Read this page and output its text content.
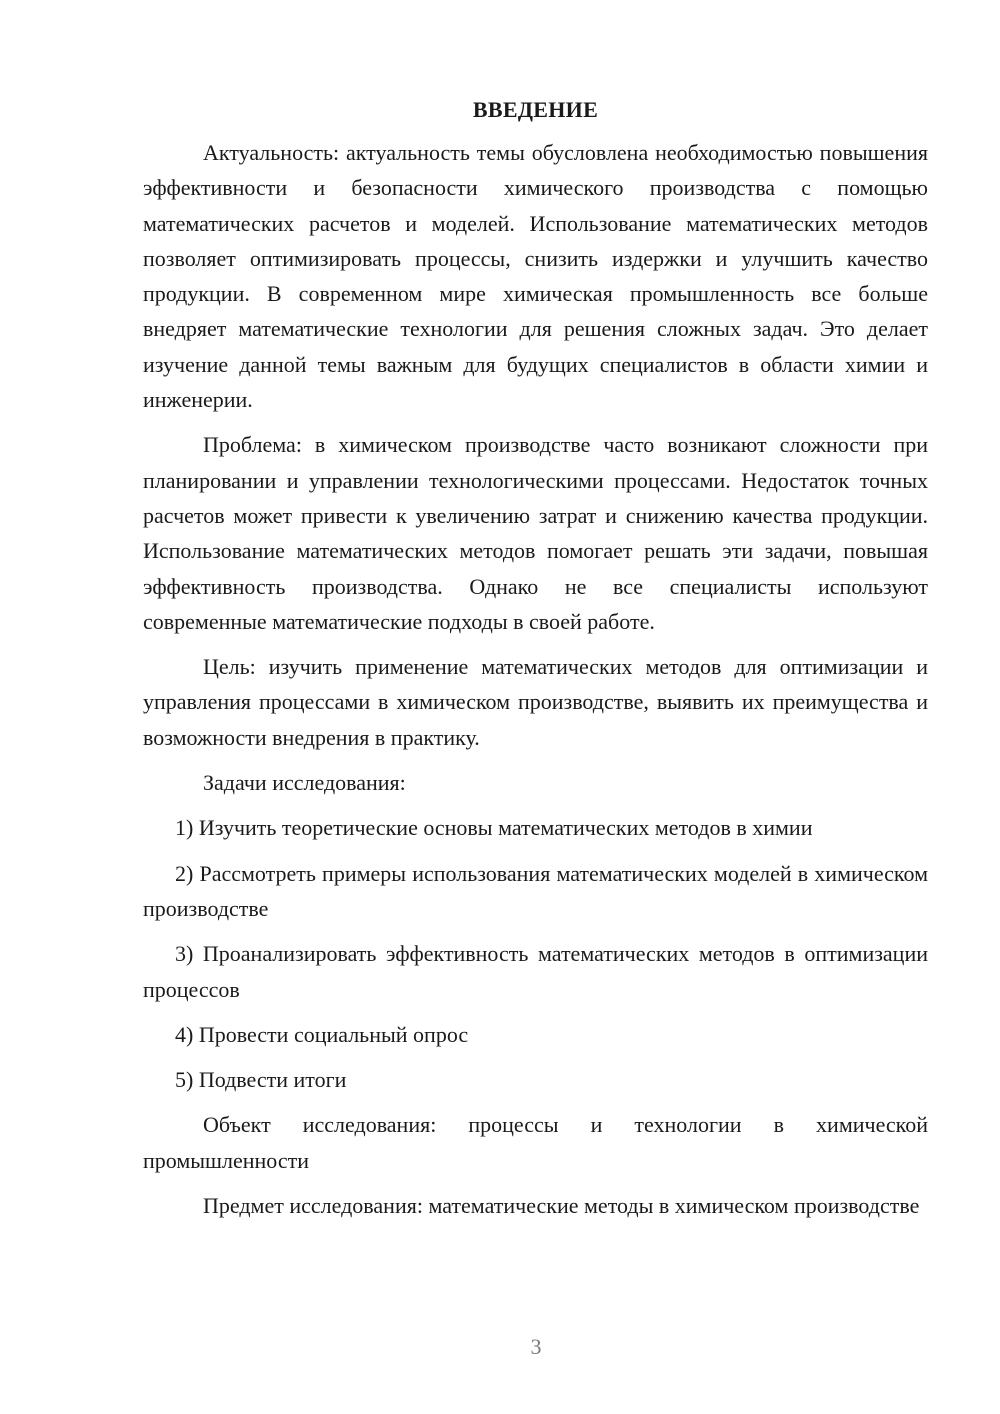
ВВЕДЕНИЕ

Актуальность: актуальность темы обусловлена необходимостью повышения эффективности и безопасности химического производства с помощью математических расчетов и моделей. Использование математических методов позволяет оптимизировать процессы, снизить издержки и улучшить качество продукции. В современном мире химическая промышленность все больше внедряет математические технологии для решения сложных задач. Это делает изучение данной темы важным для будущих специалистов в области химии и инженерии.

Проблема: в химическом производстве часто возникают сложности при планировании и управлении технологическими процессами. Недостаток точных расчетов может привести к увеличению затрат и снижению качества продукции. Использование математических методов помогает решать эти задачи, повышая эффективность производства. Однако не все специалисты используют современные математические подходы в своей работе.

Цель: изучить применение математических методов для оптимизации и управления процессами в химическом производстве, выявить их преимущества и возможности внедрения в практику.

Задачи исследования:

1) Изучить теоретические основы математических методов в химии

2) Рассмотреть примеры использования математических моделей в химическом производстве

3) Проанализировать эффективность математических методов в оптимизации процессов

4) Провести социальный опрос

5) Подвести итоги

Объект исследования: процессы и технологии в химической промышленности

Предмет исследования: математические методы в химическом производстве

3
